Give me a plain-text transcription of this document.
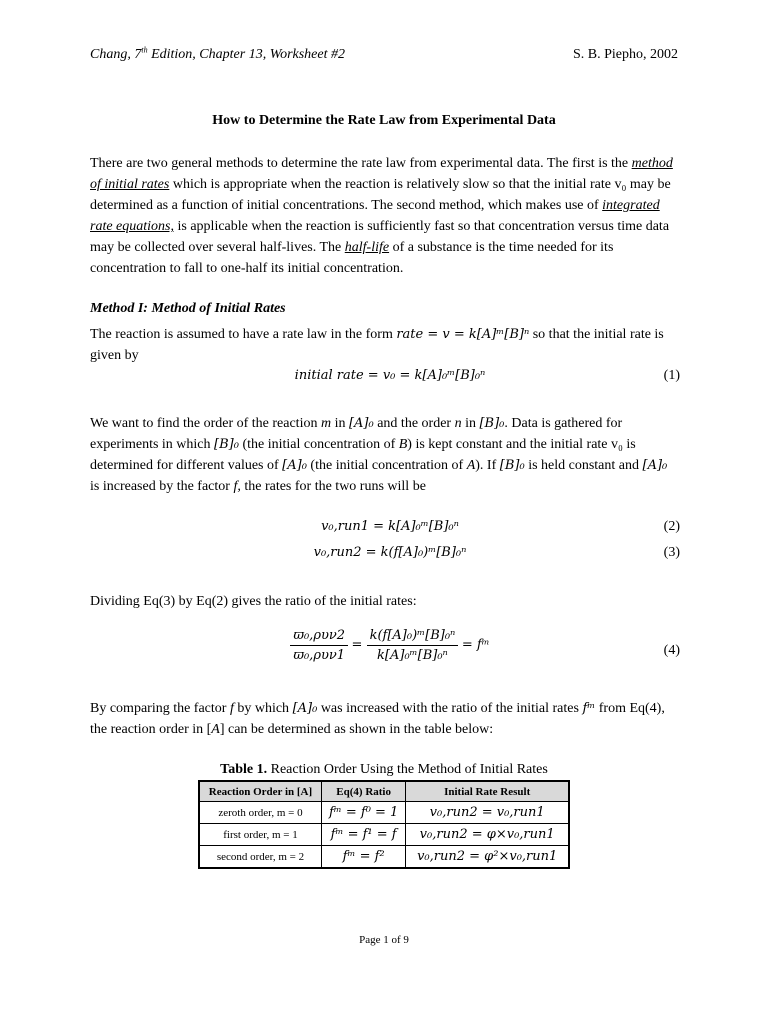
Chang, 7th Edition, Chapter 13, Worksheet #2	S. B. Piepho, 2002
How to Determine the Rate Law from Experimental Data
There are two general methods to determine the rate law from experimental data. The first is the method of initial rates which is appropriate when the reaction is relatively slow so that the initial rate v₀ may be determined as a function of initial concentrations. The second method, which makes use of integrated rate equations, is applicable when the reaction is sufficiently fast so that concentration versus time data may be collected over several half-lives. The half-life of a substance is the time needed for its concentration to fall to one-half its initial concentration.
Method I: Method of Initial Rates
The reaction is assumed to have a rate law in the form rate = v = k[A]ᵐ[B]ⁿ so that the initial rate is given by
initial rate = v₀ = k[A]₀ᵐ[B]₀ⁿ	(1)
We want to find the order of the reaction m in [A]₀ and the order n in [B]₀. Data is gathered for experiments in which [B]₀ (the initial concentration of B) is kept constant and the initial rate v₀ is determined for different values of [A]₀ (the initial concentration of A). If [B]₀ is held constant and [A]₀ is increased by the factor f, the rates for the two runs will be
v₀,run1 = k[A]₀ᵐ[B]₀ⁿ	(2)
v₀,run2 = k(f[A]₀)ᵐ[B]₀ⁿ	(3)
Dividing Eq(3) by Eq(2) gives the ratio of the initial rates:
$\frac{\text{ϖ₀,ρυν2}}{\text{ϖ₀,ρυν1}} = \frac{\text{k(f[A]₀)ᵐ[B]₀ⁿ}}{\text{k[A]₀ᵐ[B]₀ⁿ}}$ = fᵐ	(4)
By comparing the factor f by which [A]₀ was increased with the ratio of the initial rates fᵐ from Eq(4), the reaction order in [A] can be determined as shown in the table below:
Table 1. Reaction Order Using the Method of Initial Rates
Reaction Order in [A]	Eq(4) Ratio	Initial Rate Result
zeroth order, m = 0	fᵐ = f⁰ = 1	v₀,run2 = v₀,run1
first order, m = 1	fᵐ = f¹ = f	v₀,run2 = φ×v₀,run1
second order, m = 2	fᵐ = f²	v₀,run2 = φ²×v₀,run1
Page 1 of 9
